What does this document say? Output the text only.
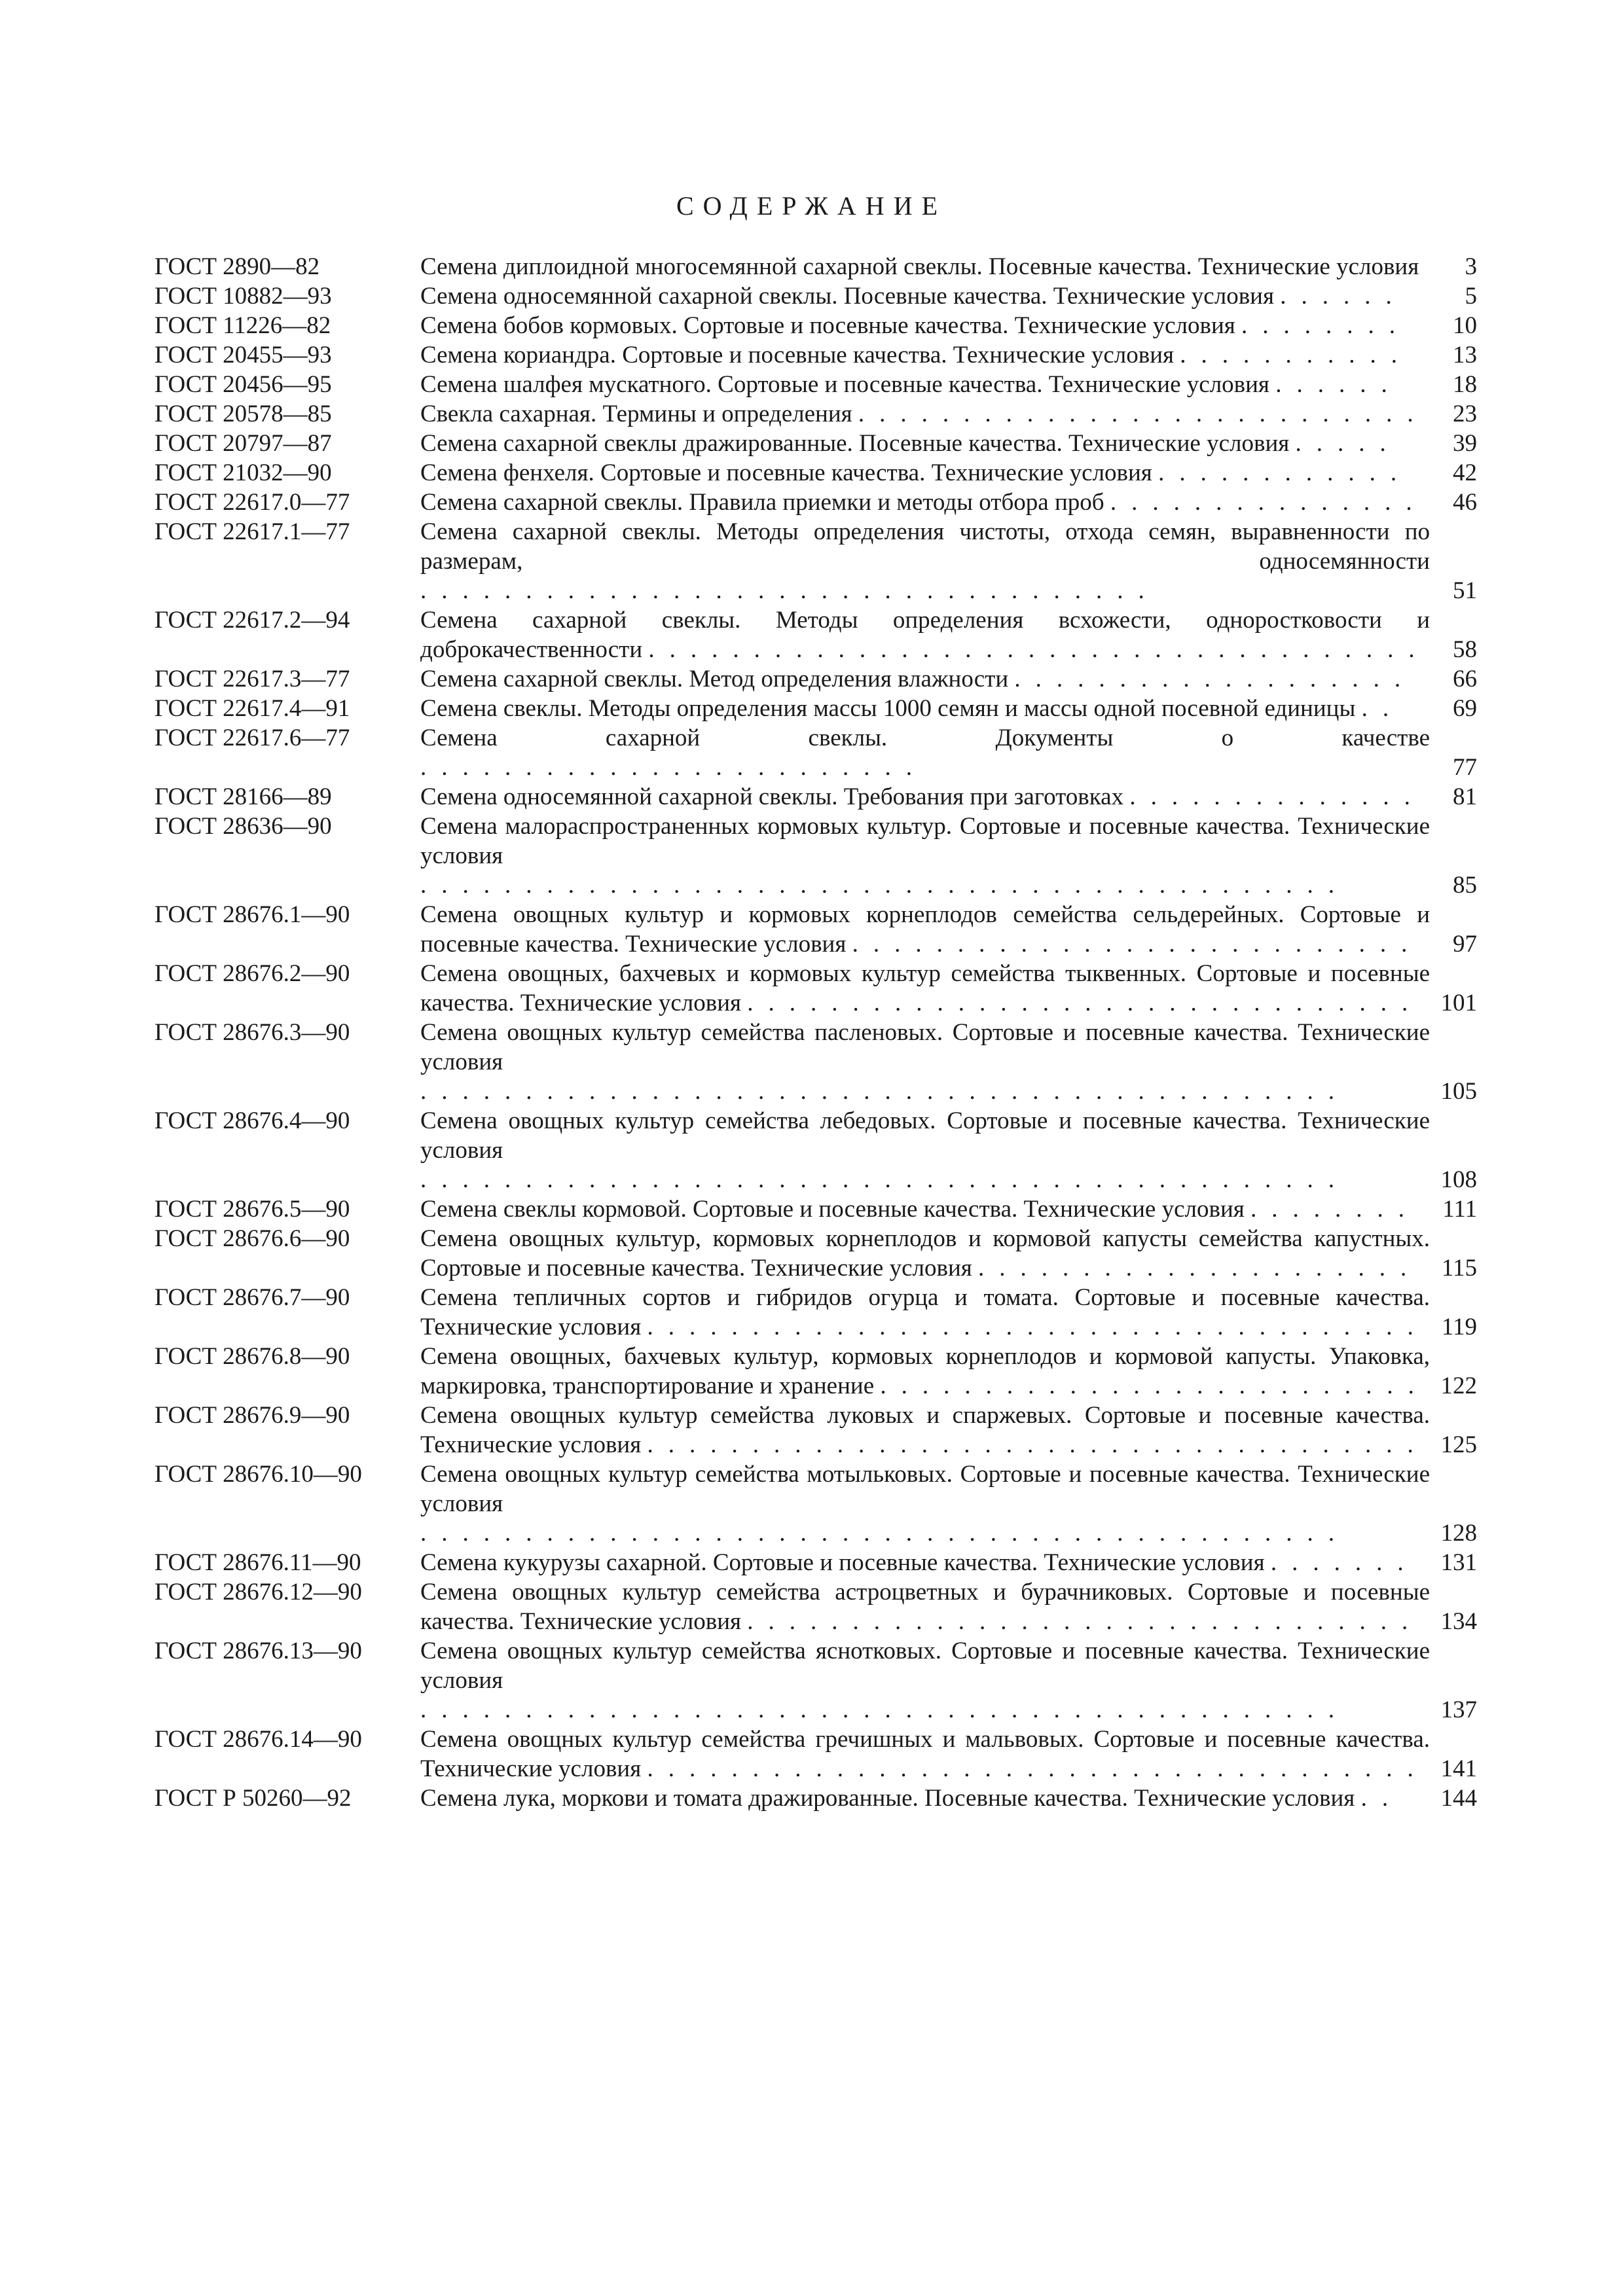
СОДЕРЖАНИЕ
ГОСТ 2890—82	Семена диплоидной многосемянной сахарной свеклы. Посевные качества. Технические условия	3
ГОСТ 10882—93	Семена односемянной сахарной свеклы. Посевные качества. Технические условия ......	5
ГОСТ 11226—82	Семена бобов кормовых. Сортовые и посевные качества. Технические условия ........	10
ГОСТ 20455—93	Семена кориандра. Сортовые и посевные качества. Технические условия ...........	13
ГОСТ 20456—95	Семена шалфея мускатного. Сортовые и посевные качества. Технические условия ......	18
ГОСТ 20578—85	Свекла сахарная. Термины и определения ...........................	23
ГОСТ 20797—87	Семена сахарной свеклы дражированные. Посевные качества. Технические условия .....	39
ГОСТ 21032—90	Семена фенхеля. Сортовые и посевные качества. Технические условия ............	42
ГОСТ 22617.0—77	Семена сахарной свеклы. Правила приемки и методы отбора проб ...............	46
ГОСТ 22617.1—77	Семена сахарной свеклы. Методы определения чистоты, отхода семян, выравненности по размерам, односемянности ...................................	51
ГОСТ 22617.2—94	Семена сахарной свеклы. Методы определения всхожести, одноростковости и доброкачественности ..................................... 58
ГОСТ 22617.3—77	Семена сахарной свеклы. Метод определения влажности ...................	66
ГОСТ 22617.4—91	Семена свеклы. Методы определения массы 1000 семян и массы одной посевной единицы ..	69
ГОСТ 22617.6—77	Семена сахарной свеклы. Документы о качестве ........................	77
ГОСТ 28166—89	Семена односемянной сахарной свеклы. Требования при заготовках ..............	81
ГОСТ 28636—90	Семена малораспространенных кормовых культур. Сортовые и посевные качества. Технические условия ............................................	85
ГОСТ 28676.1—90	Семена овощных культур и кормовых корнеплодов семейства сельдерейных. Сортовые и посевные качества. Технические условия ...........................	97
ГОСТ 28676.2—90	Семена овощных, бахчевых и кормовых культур семейства тыквенных. Сортовые и посевные качества. Технические условия ................................ 101
ГОСТ 28676.3—90	Семена овощных культур семейства пасленовых. Сортовые и посевные качества. Технические условия ............................................	105
ГОСТ 28676.4—90	Семена овощных культур семейства лебедовых. Сортовые и посевные качества. Технические условия ............................................	108
ГОСТ 28676.5—90	Семена свеклы кормовой. Сортовые и посевные качества. Технические условия ........ 111
ГОСТ 28676.6—90	Семена овощных культур, кормовых корнеплодов и кормовой капусты семейства капустных. Сортовые и посевные качества. Технические условия ..................... 115
ГОСТ 28676.7—90	Семена тепличных сортов и гибридов огурца и томата. Сортовые и посевные качества. Технические условия ..................................... 119
ГОСТ 28676.8—90	Семена овощных, бахчевых культур, кормовых корнеплодов и кормовой капусты. Упаковка, маркировка, транспортирование и хранение .......................... 122
ГОСТ 28676.9—90	Семена овощных культур семейства луковых и спаржевых. Сортовые и посевные качества. Технические условия ..................................... 125
ГОСТ 28676.10—90	Семена овощных культур семейства мотыльковых. Сортовые и посевные качества. Технические условия ............................................	128
ГОСТ 28676.11—90	Семена кукурузы сахарной. Сортовые и посевные качества. Технические условия ....... 131
ГОСТ 28676.12—90	Семена овощных культур семейства астроцветных и бурачниковых. Сортовые и посевные качества. Технические условия ................................ 134
ГОСТ 28676.13—90	Семена овощных культур семейства яснотковых. Сортовые и посевные качества. Технические условия ............................................	137
ГОСТ 28676.14—90	Семена овощных культур семейства гречишных и мальвовых. Сортовые и посевные качества. Технические условия ..................................... 141
ГОСТ Р 50260—92	Семена лука, моркови и томата дражированные. Посевные качества. Технические условия ..	144
